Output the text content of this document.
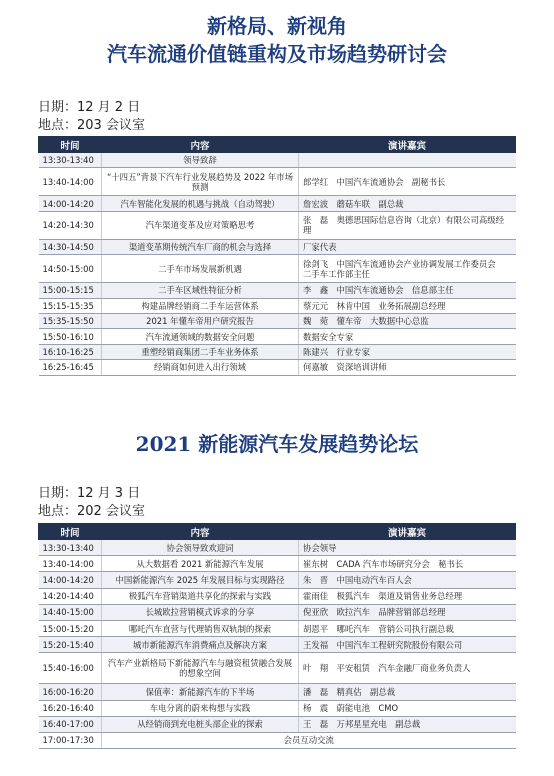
新格局、新视角
汽车流通价值链重构及市场趋势研讨会
日期：12 月 2 日
地点：203 会议室
时间	内容	演讲嘉宾
13:30-13:40	领导致辞	
13:40-14:00	“十四五”背景下汽车行业发展趋势及 2022 年市场预测	郎学红　中国汽车流通协会　副秘书长
14:00-14:20	汽车智能化发展的机遇与挑战（自动驾驶）	詹宏波　蘑菇车联　副总裁
14:20-14:30	汽车渠道变革及应对策略思考	张　磊　奥德思国际信息咨询（北京）有限公司高级经理
14:30-14:50	渠道变革期传统汽车厂商的机会与选择	厂家代表
14:50-15:00	二手车市场发展新机遇	徐剑飞　中国汽车流通协会产业协调发展工作委员会　二手车工作部主任
15:00-15:15	二手车区域性特征分析	李　鑫　中国汽车流通协会　信息部主任
15:15-15:35	构建品牌经销商二手车运营体系	蔡元元　林肯中国　业务拓展副总经理
15:35-15:50	2021 年懂车帝用户研究报告	魏　菀　懂车帝　大数据中心总监
15:50-16:10	汽车流通领域的数据安全问题	数据安全专家
16:10-16:25	重塑经销商集团二手车业务体系	陈建兴　行业专家
16:25-16:45	经销商如何进入出行领域	何嘉敏　资深培训讲师
2021 新能源汽车发展趋势论坛
日期：12 月 3 日
地点：202 会议室
时间	内容	演讲嘉宾
13:30-13:40	协会领导致欢迎词	协会领导
13:40-14:00	从大数据看 2021 新能源汽车发展	崔东树　CADA 汽车市场研究分会　秘书长
14:00-14:20	中国新能源汽车 2025 年发展目标与实现路径	朱　晋　中国电动汽车百人会
14:20-14:40	极狐汽车营销渠道共享化的探索与实践	霍雨佳　极狐汽车　渠道及销售业务总经理
14:40-15:00	长城欧拉营销模式诉求的分享	倪亚欣　欧拉汽车　品牌营销部总经理
15:00-15:20	哪吒汽车直营与代理销售双轨制的探索	胡恩平　哪吒汽车　营销公司执行副总裁
15:20-15:40	城市新能源汽车消费痛点及解决方案	王发福　中国汽车工程研究院股份有限公司
15:40-16:00	汽车产业新格局下新能源汽车与融资租赁融合发展的想象空间	叶　翔　平安租赁　汽车金融厂商业务负责人
16:00-16:20	保值率：新能源汽车的下半场	潘　磊　精真估　副总裁
16:20-16:40	车电分离的蔚来构想与实践	杨　震　蔚能电池　CMO
16:40-17:00	从经销商到充电桩头部企业的探索	王　磊　万邦星星充电　副总裁
17:00-17:30	会员互动交流	
